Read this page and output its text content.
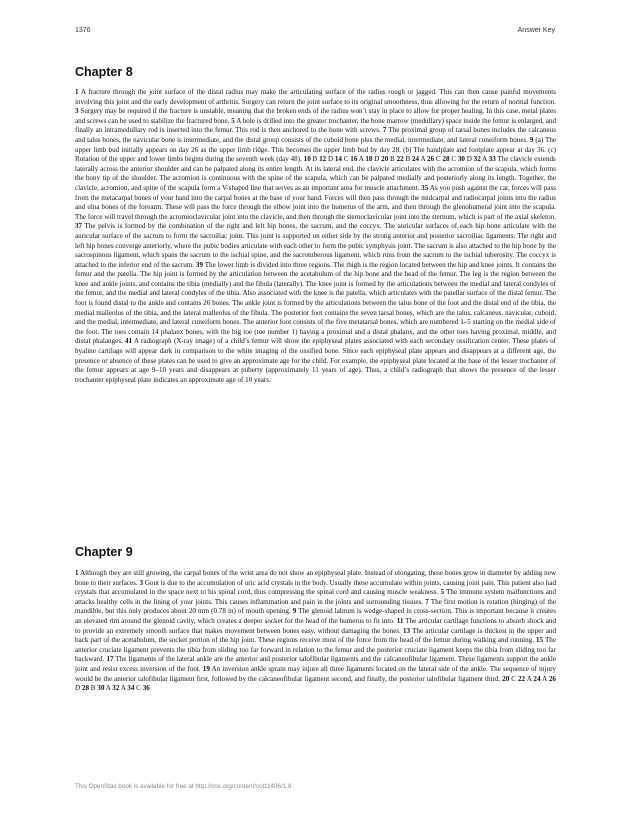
1376	Answer Key
Chapter 8

1 A fracture through the joint surface of the distal radius may make the articulating surface of the radius rough or jagged. This can then cause painful movements involving this joint and the early development of arthritis. Surgery can return the joint surface to its original smoothness, thus allowing for the return of normal function. 3 Surgery may be required if the fracture is unstable, meaning that the broken ends of the radius won’t stay in place to allow for proper healing. In this case, metal plates and screws can be used to stabilize the fractured bone. 5 A hole is drilled into the greater trochanter, the bone marrow (medullary) space inside the femur is enlarged, and finally an intramedullary rod is inserted into the femur. This rod is then anchored to the bone with screws. 7 The proximal group of tarsal bones includes the calcaneus and talus bones, the navicular bone is intermediate, and the distal group consists of the cuboid bone plus the medial, intermediate, and lateral cuneiform bones. 9 (a) The upper limb bud initially appears on day 26 as the upper limb ridge. This becomes the upper limb bud by day 28. (b) The handplate and footplate appear at day 36. (c) Rotation of the upper and lower limbs begins during the seventh week (day 48). 10 B 12 D 14 C 16 A 18 D 20 B 22 B 24 A 26 C 28 C 30 D 32 A 33 The clavicle extends laterally across the anterior shoulder and can be palpated along its entire length. At its lateral end, the clavicle articulates with the acromion of the scapula, which forms the bony tip of the shoulder. The acromion is continuous with the spine of the scapula, which can be palpated medially and posteriorly along its length. Together, the clavicle, acromion, and spine of the scapula form a V-shaped line that serves as an important area for muscle attachment. 35 As you push against the car, forces will pass from the metacarpal bones of your hand into the carpal bones at the base of your hand. Forces will then pass through the midcarpal and radiocarpal joints into the radius and ulna bones of the forearm. These will pass the force through the elbow joint into the humerus of the arm, and then through the glenohumeral joint into the scapula. The force will travel through the acromioclavicular joint into the clavicle, and then through the sternoclavicular joint into the sternum, which is part of the axial skeleton. 37 The pelvis is formed by the combination of the right and left hip bones, the sacrum, and the coccyx. The auricular surfaces of each hip bone articulate with the auricular surface of the sacrum to form the sacroiliac joint. This joint is supported on either side by the strong anterior and posterior sacroiliac ligaments. The right and left hip bones converge anteriorly, where the pubic bodies articulate with each other to form the pubic symphysis joint. The sacrum is also attached to the hip bone by the sacrospinous ligament, which spans the sacrum to the ischial spine, and the sacrotuberous ligament, which runs from the sacrum to the ischial tuberosity. The coccyx is attached to the inferior end of the sacrum. 39 The lower limb is divided into three regions. The thigh is the region located between the hip and knee joints. It contains the femur and the patella. The hip joint is formed by the articulation between the acetabulum of the hip bone and the head of the femur. The leg is the region between the knee and ankle joints, and contains the tibia (medially) and the fibula (laterally). The knee joint is formed by the articulations between the medial and lateral condyles of the femur, and the medial and lateral condyles of the tibia. Also associated with the knee is the patella, which articulates with the patellar surface of the distal femur. The foot is found distal to the ankle and contains 26 bones. The ankle joint is formed by the articulations between the talus bone of the foot and the distal end of the tibia, the medial malleolus of the tibia, and the lateral malleolus of the fibula. The posterior foot contains the seven tarsal bones, which are the talus, calcaneus, navicular, cuboid, and the medial, intermediate, and lateral cuneiform bones. The anterior foot consists of the five metatarsal bones, which are numbered 1–5 starting on the medial side of the foot. The toes contain 14 phalanx bones, with the big toe (toe number 1) having a proximal and a distal phalanx, and the other toes having proximal, middle, and distal phalanges. 41 A radiograph (X-ray image) of a child’s femur will show the epiphyseal plates associated with each secondary ossification center. These plates of hyaline cartilage will appear dark in comparison to the white imaging of the ossified bone. Since each epiphyseal plate appears and disappears at a different age, the presence or absence of these plates can be used to give an approximate age for the child. For example, the epiphyseal plate located at the base of the lesser trochanter of the femur appears at age 9–10 years and disappears at puberty (approximately 11 years of age). Thus, a child’s radiograph that shows the presence of the lesser trochanter epiphyseal plate indicates an approximate age of 10 years.

Chapter 9

1 Although they are still growing, the carpal bones of the wrist area do not show an epiphyseal plate. Instead of elongating, these bones grow in diameter by adding new bone to their surfaces. 3 Gout is due to the accumulation of uric acid crystals in the body. Usually these accumulate within joints, causing joint pain. This patient also had crystals that accumulated in the space next to his spinal cord, thus compressing the spinal cord and causing muscle weakness. 5 The immune system malfunctions and attacks healthy cells in the lining of your joints. This causes inflammation and pain in the joints and surrounding tissues. 7 The first motion is rotation (hinging) of the mandible, but this only produces about 20 mm (0.78 in) of mouth opening. 9 The glenoid labrum is wedge-shaped in cross-section. This is important because it creates an elevated rim around the glenoid cavity, which creates a deeper socket for the head of the humerus to fit into. 11 The articular cartilage functions to absorb shock and to provide an extremely smooth surface that makes movement between bones easy, without damaging the bones. 13 The articular cartilage is thickest in the upper and back part of the acetabulum, the socket portion of the hip joint. These regions receive most of the force from the head of the femur during walking and running. 15 The anterior cruciate ligament prevents the tibia from sliding too far forward in relation to the femur and the posterior cruciate ligament keeps the tibia from sliding too far backward. 17 The ligaments of the lateral ankle are the anterior and posterior talofibular ligaments and the calcaneofibular ligament. These ligaments support the ankle joint and resist excess inversion of the foot. 19 An inversion ankle sprain may injure all three ligaments located on the lateral side of the ankle. The sequence of injury would be the anterior talofibular ligament first, followed by the calcaneofibular ligament second, and finally, the posterior talofibular ligament third. 20 C 22 A 24 A 26 D 28 B 30 A 32 A 34 C 36

This OpenStax book is available for free at http://cnx.org/content/col11496/1.8
